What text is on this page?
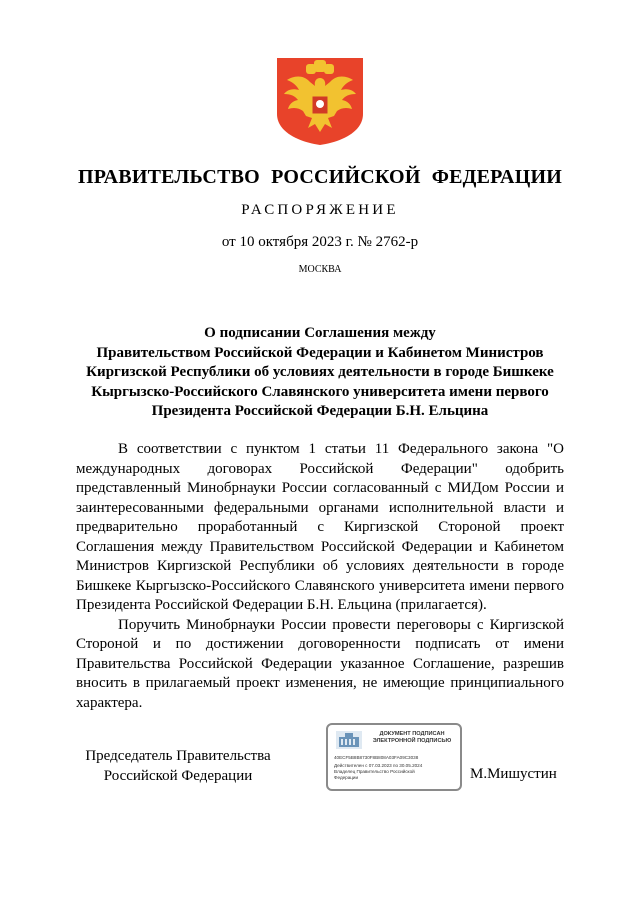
ПРАВИТЕЛЬСТВО РОССИЙСКОЙ ФЕДЕРАЦИИ
РАСПОРЯЖЕНИЕ
от 10 октября 2023 г. № 2762-р
МОСКВА
О подписании Соглашения между
Правительством Российской Федерации и Кабинетом Министров
Киргизской Республики об условиях деятельности в городе Бишкеке
Кыргызско-Российского Славянского университета имени первого
Президента Российской Федерации Б.Н. Ельцина

В соответствии с пунктом 1 статьи 11 Федерального закона "О международных договорах Российской Федерации" одобрить представленный Минобрнауки России согласованный с МИДом России и заинтересованными федеральными органами исполнительной власти и предварительно проработанный с Киргизской Стороной проект Соглашения между Правительством Российской Федерации и Кабинетом Министров Киргизской Республики об условиях деятельности в городе Бишкеке Кыргызско-Российского Славянского университета имени первого Президента Российской Федерации Б.Н. Ельцина (прилагается).

Поручить Минобрнауки России провести переговоры с Киргизской Стороной и по достижении договоренности подписать от имени Правительства Российской Федерации указанное Соглашение, разрешив вносить в прилагаемый проект изменения, не имеющие принципиального характера.

Председатель Правительства
Российской Федерации
ДОКУМЕНТ ПОДПИСАН
ЭЛЕКТРОННОЙ ПОДПИСЬЮ
40ECF5B8B8730F8B808A03FA09C3038
Действителен с 07.03.2023 по 30.05.2024
Владелец Правительство Российской
Федерации	М.Мишустин
